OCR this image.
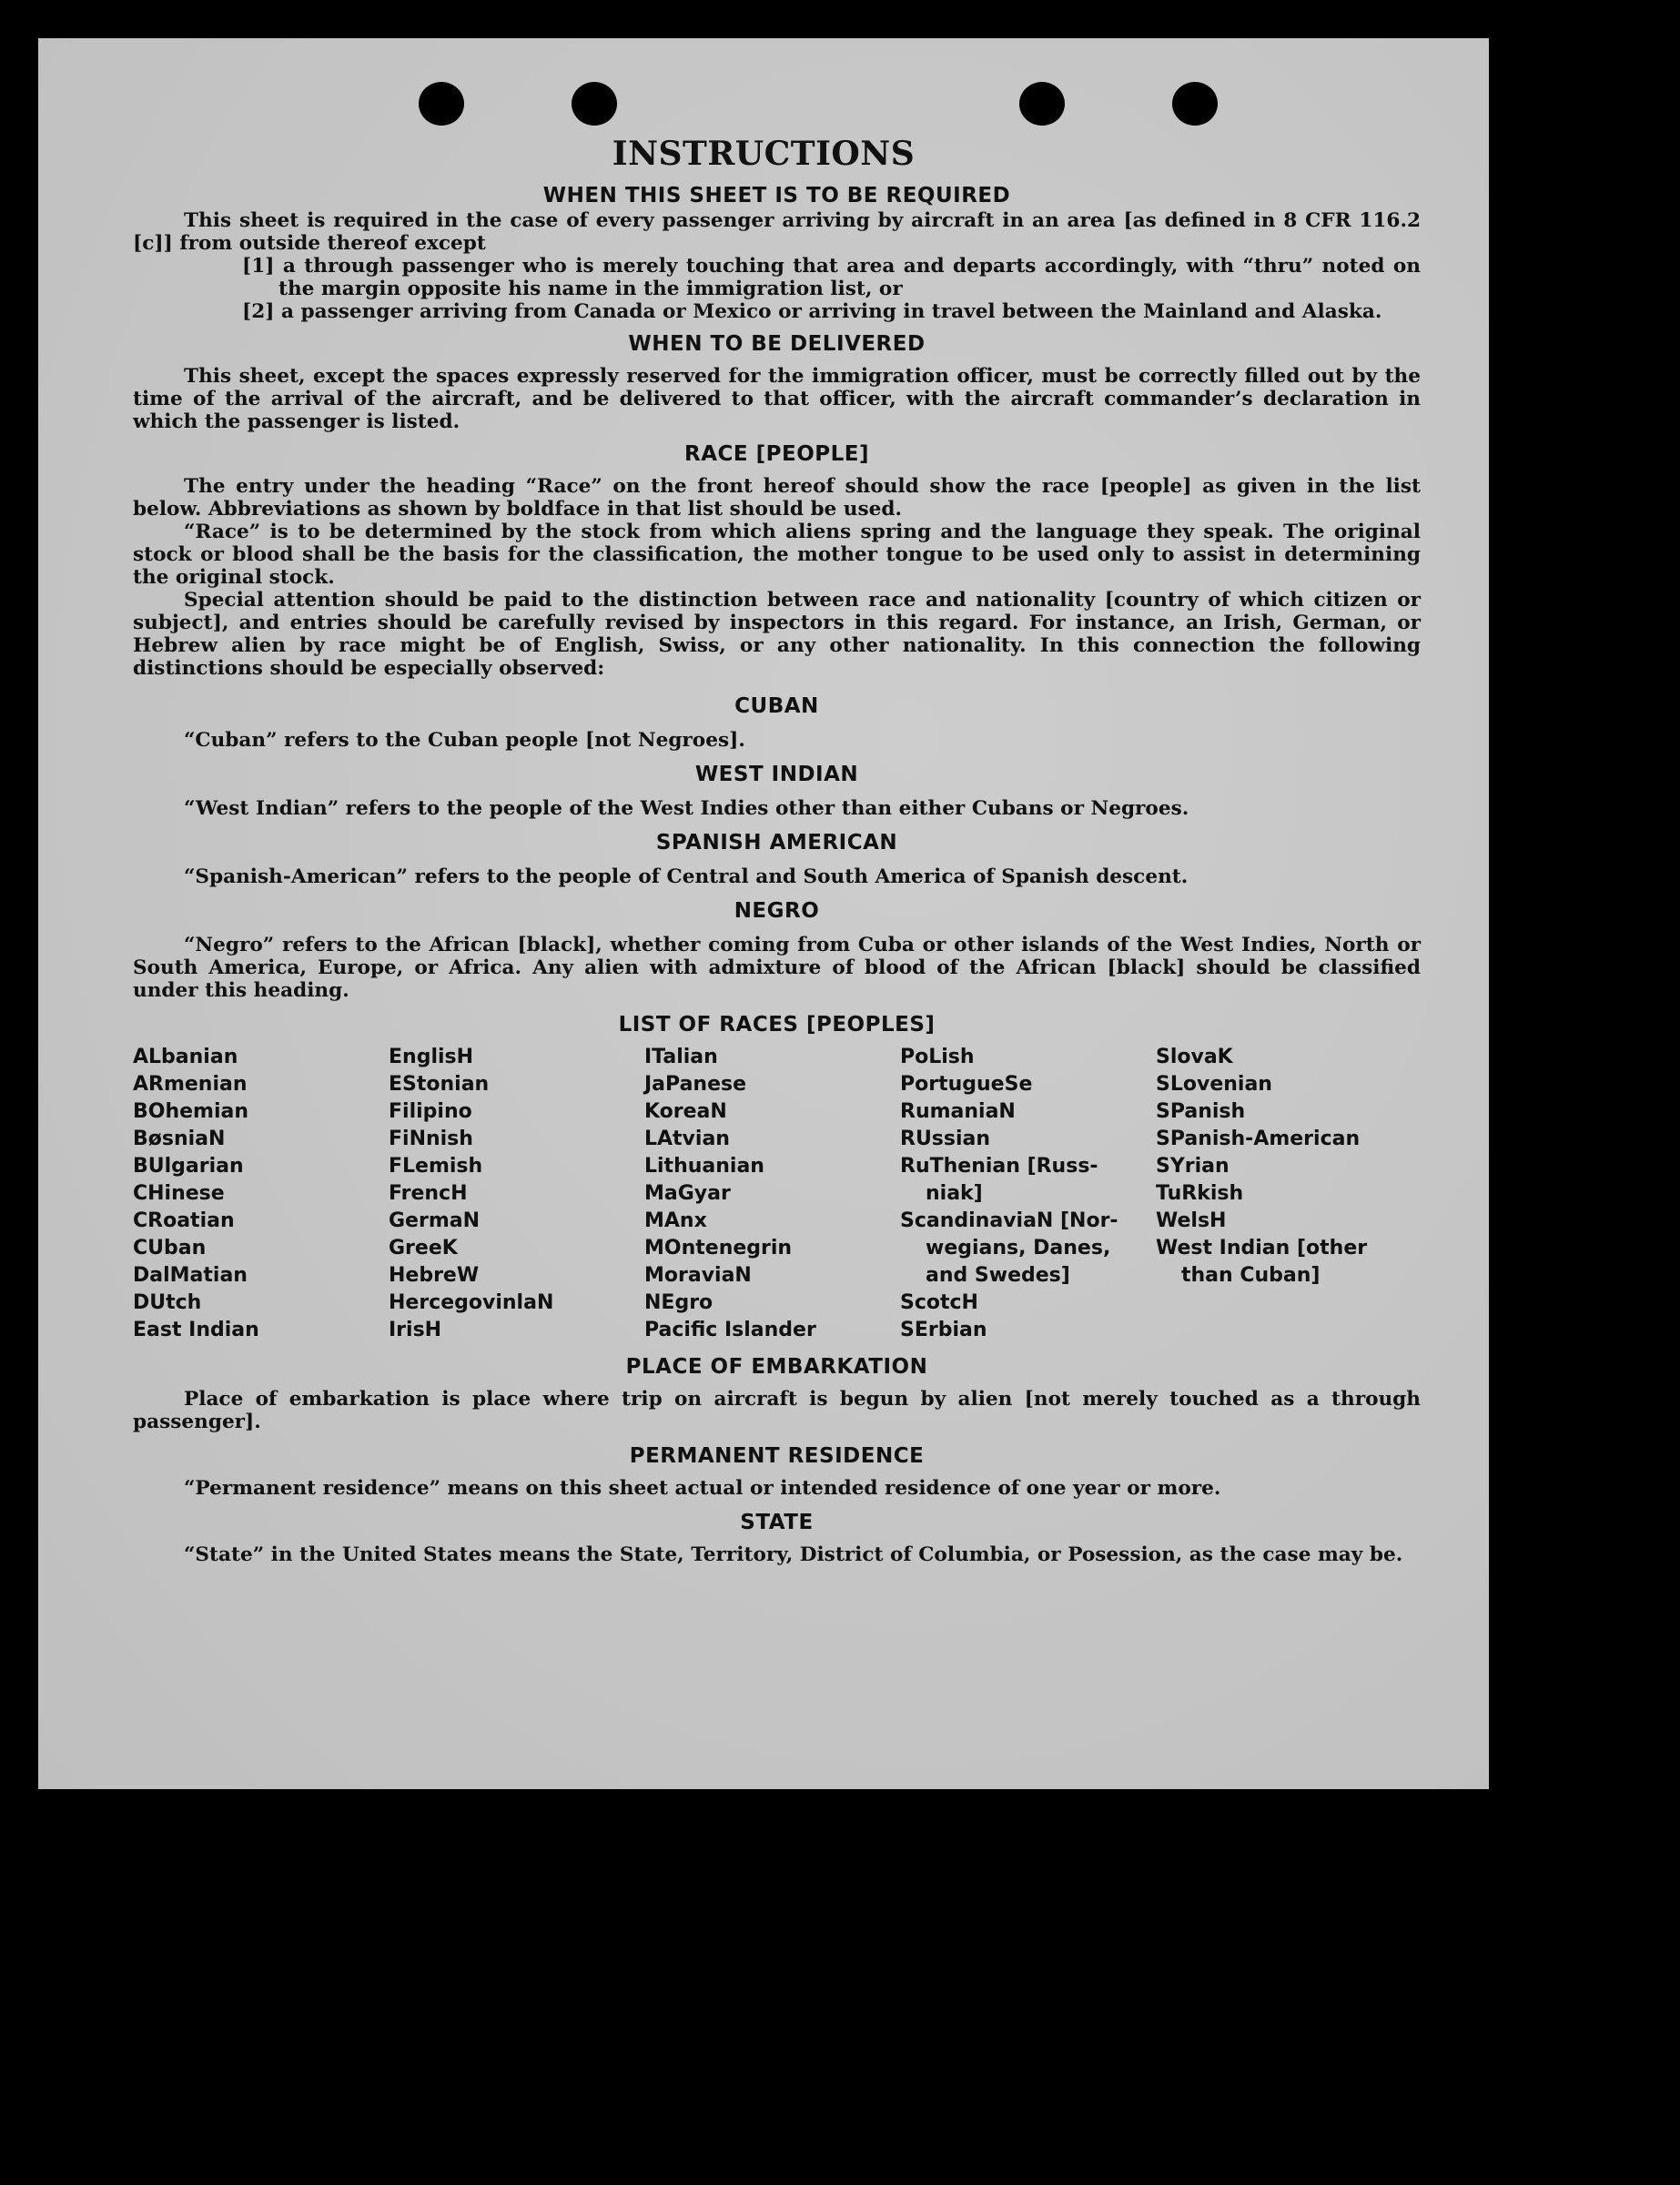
INSTRUCTIONS
WHEN THIS SHEET IS TO BE REQUIRED

This sheet is required in the case of every passenger arriving by aircraft in an area [as defined in 8 CFR 116.2 [c]] from outside thereof except

[1] a through passenger who is merely touching that area and departs accordingly, with “thru” noted on the margin opposite his name in the immigration list, or

[2] a passenger arriving from Canada or Mexico or arriving in travel between the Mainland and Alaska.

WHEN TO BE DELIVERED

This sheet, except the spaces expressly reserved for the immigration officer, must be correctly filled out by the time of the arrival of the aircraft, and be delivered to that officer, with the aircraft commander’s declaration in which the passenger is listed.

RACE [PEOPLE]

The entry under the heading “Race” on the front hereof should show the race [people] as given in the list below. Abbreviations as shown by boldface in that list should be used.

“Race” is to be determined by the stock from which aliens spring and the language they speak. The original stock or blood shall be the basis for the classification, the mother tongue to be used only to assist in determining the original stock.

Special attention should be paid to the distinction between race and nationality [country of which citizen or subject], and entries should be carefully revised by inspectors in this regard. For instance, an Irish, German, or Hebrew alien by race might be of English, Swiss, or any other nationality. In this connection the following distinctions should be especially observed:

CUBAN

“Cuban” refers to the Cuban people [not Negroes].

WEST INDIAN

“West Indian” refers to the people of the West Indies other than either Cubans or Negroes.

SPANISH AMERICAN

“Spanish-American” refers to the people of Central and South America of Spanish descent.

NEGRO

“Negro” refers to the African [black], whether coming from Cuba or other islands of the West Indies, North or South America, Europe, or Africa. Any alien with admixture of blood of the African [black] should be classified under this heading.

LIST OF RACES [PEOPLES]
ALbanian
ARmenian
BOhemian
BøsniaN
BUlgarian
CHinese
CRoatian
CUban
DalMatian
DUtch
East Indian
EnglisH
EStonian
Filipino
FiNnish
FLemish
FrencH
GermaN
GreeK
HebreW
HercegovinlaN
IrisH
ITalian
JaPanese
KoreaN
LAtvian
Lithuanian
MaGyar
MAnx
MOntenegrin
MoraviaN
NEgro
Pacific Islander
PoLish
PortugueSe
RumaniaN
RUssian
RuThenian [Russ-
niak]
ScandinaviaN [Nor-
wegians, Danes,
and Swedes]
ScotcH
SErbian
SlovaK
SLovenian
SPanish
SPanish-American
SYrian
TuRkish
WelsH
West Indian [other
than Cuban]
PLACE OF EMBARKATION

Place of embarkation is place where trip on aircraft is begun by alien [not merely touched as a through passenger].

PERMANENT RESIDENCE

“Permanent residence” means on this sheet actual or intended residence of one year or more.

STATE

“State” in the United States means the State, Territory, District of Columbia, or Posession, as the case may be.
